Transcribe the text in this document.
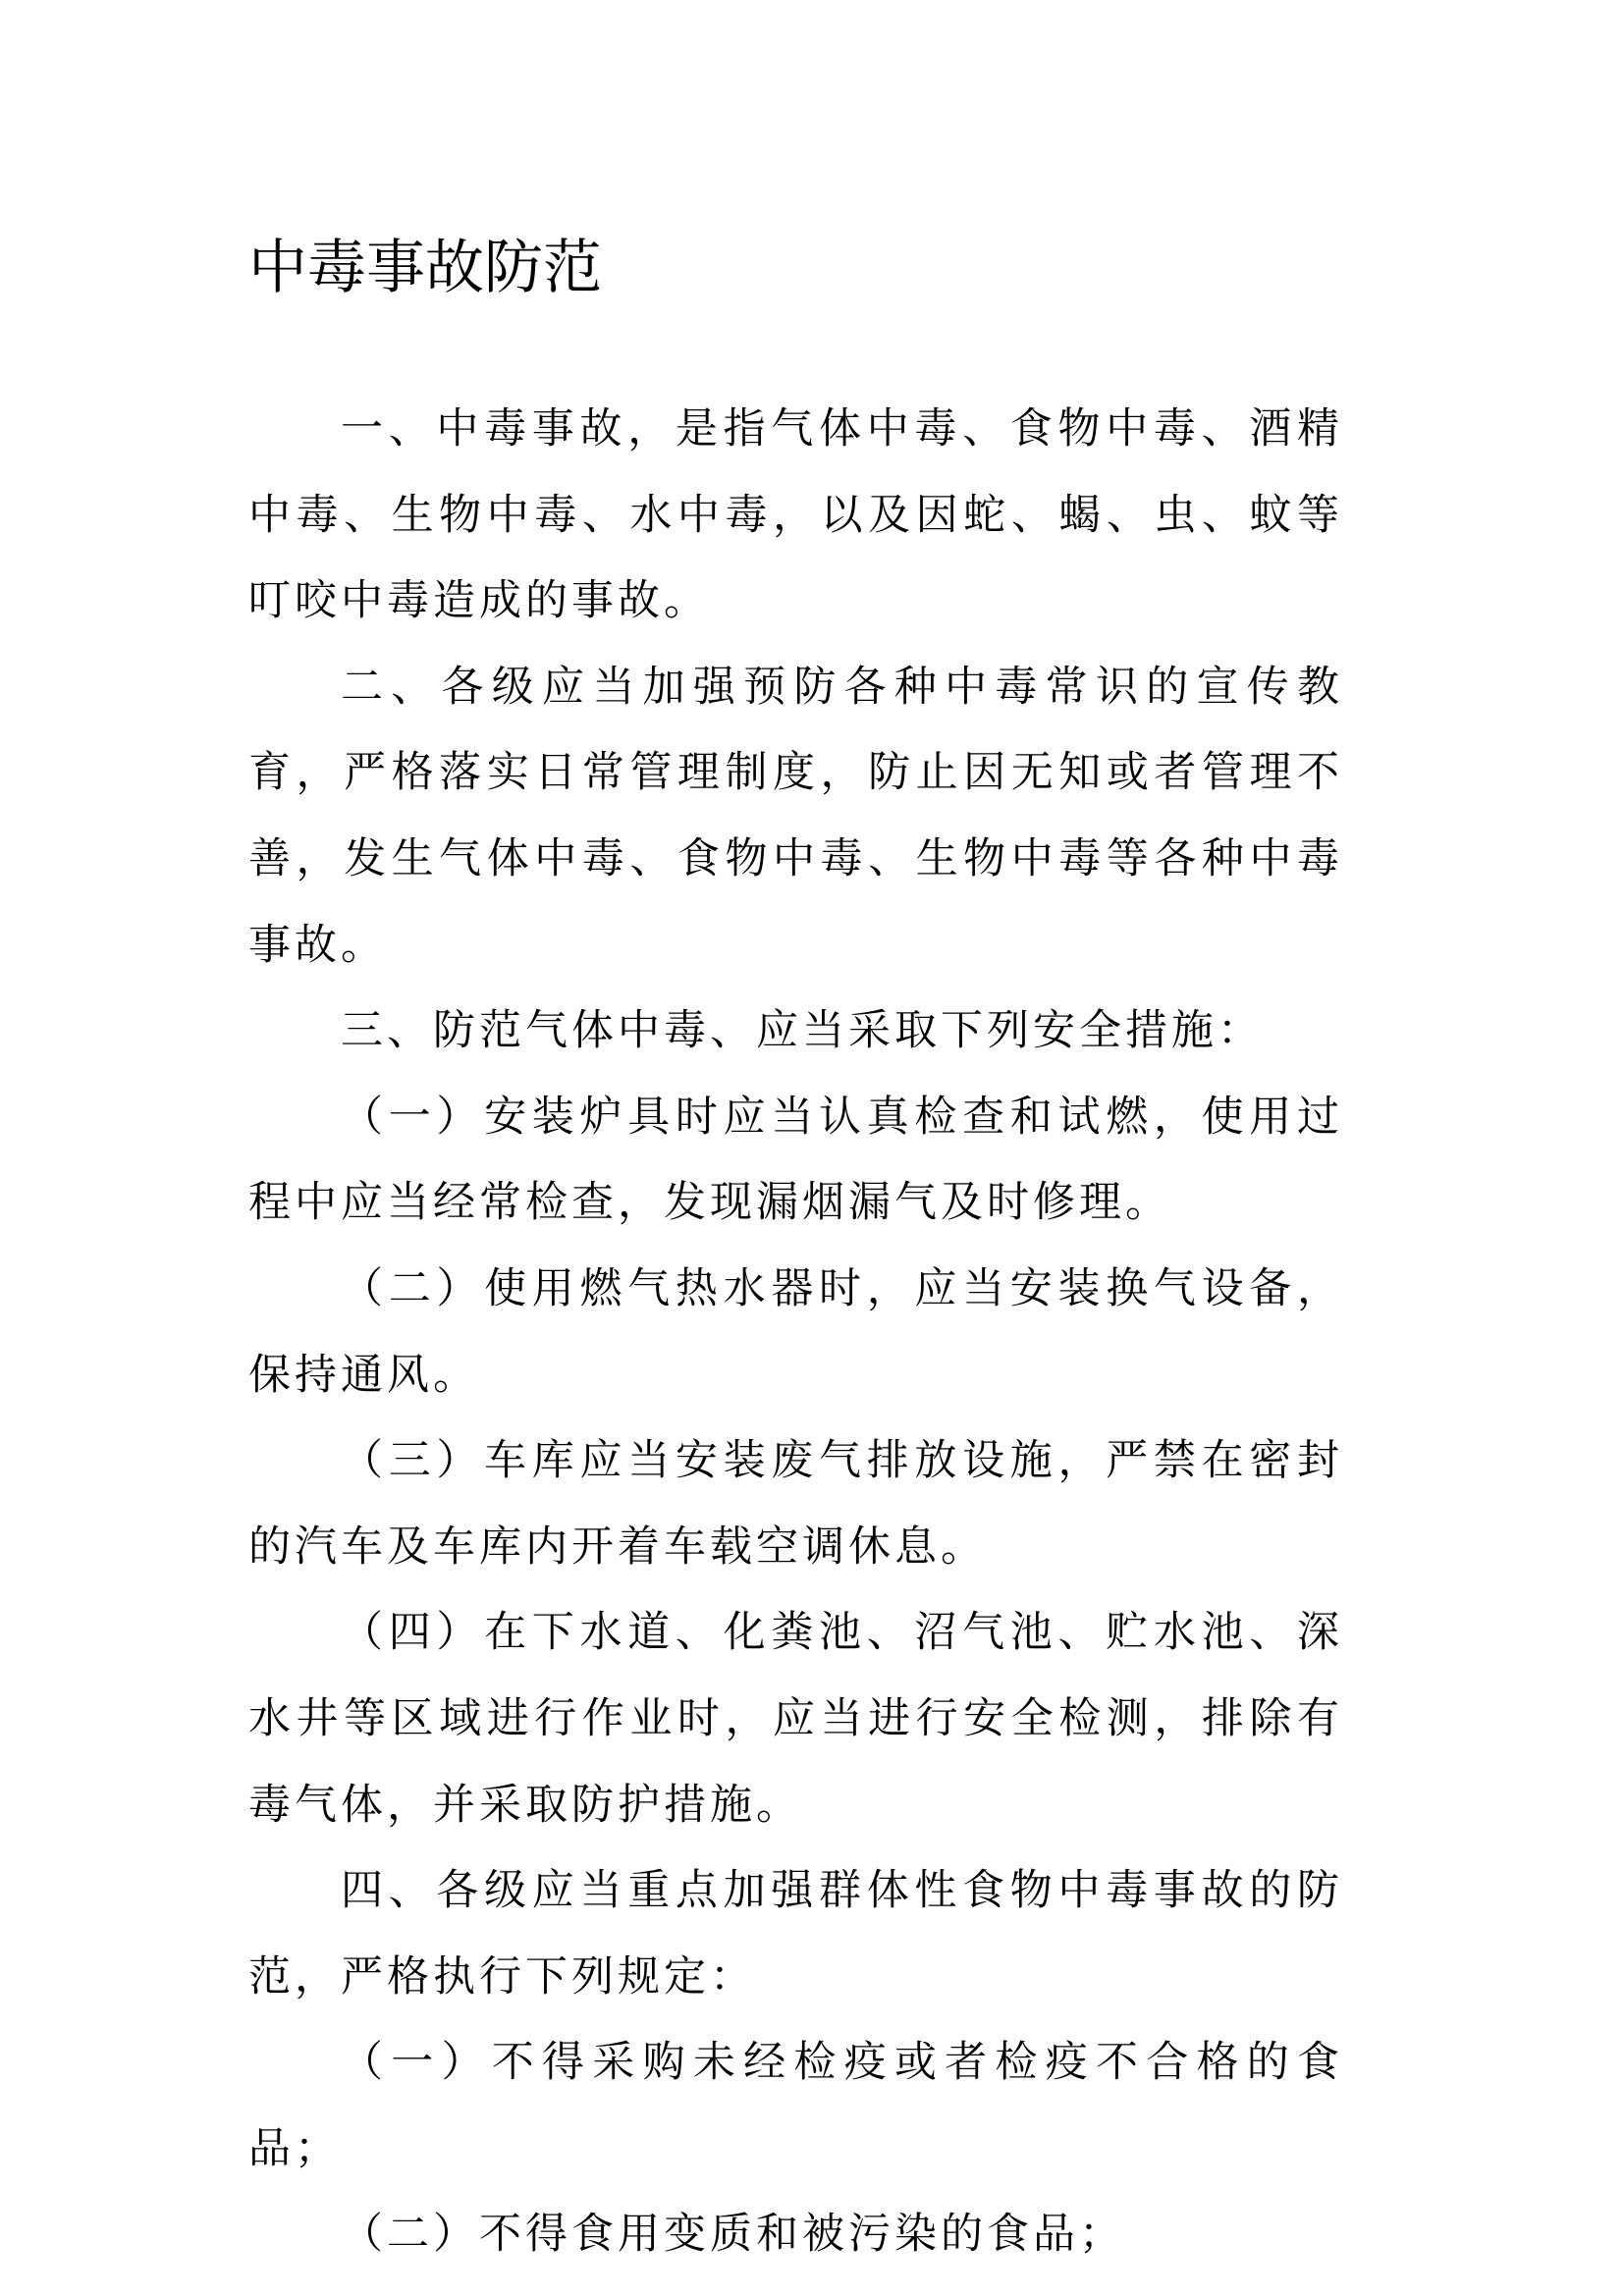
中毒事故防范

一、中毒事故，是指气体中毒、食物中毒、酒精中毒、生物中毒、水中毒，以及因蛇、蝎、虫、蚊等叮咬中毒造成的事故。

二、各级应当加强预防各种中毒常识的宣传教育，严格落实日常管理制度，防止因无知或者管理不善，发生气体中毒、食物中毒、生物中毒等各种中毒事故。

三、防范气体中毒、应当采取下列安全措施：

（一）安装炉具时应当认真检查和试燃，使用过程中应当经常检查，发现漏烟漏气及时修理。

（二）使用燃气热水器时，应当安装换气设备，保持通风。

（三）车库应当安装废气排放设施，严禁在密封的汽车及车库内开着车载空调休息。

（四）在下水道、化粪池、沼气池、贮水池、深水井等区域进行作业时，应当进行安全检测，排除有毒气体，并采取防护措施。

四、各级应当重点加强群体性食物中毒事故的防范，严格执行下列规定：

（一）不得采购未经检疫或者检疫不合格的食品；

（二）不得食用变质和被污染的食品；
